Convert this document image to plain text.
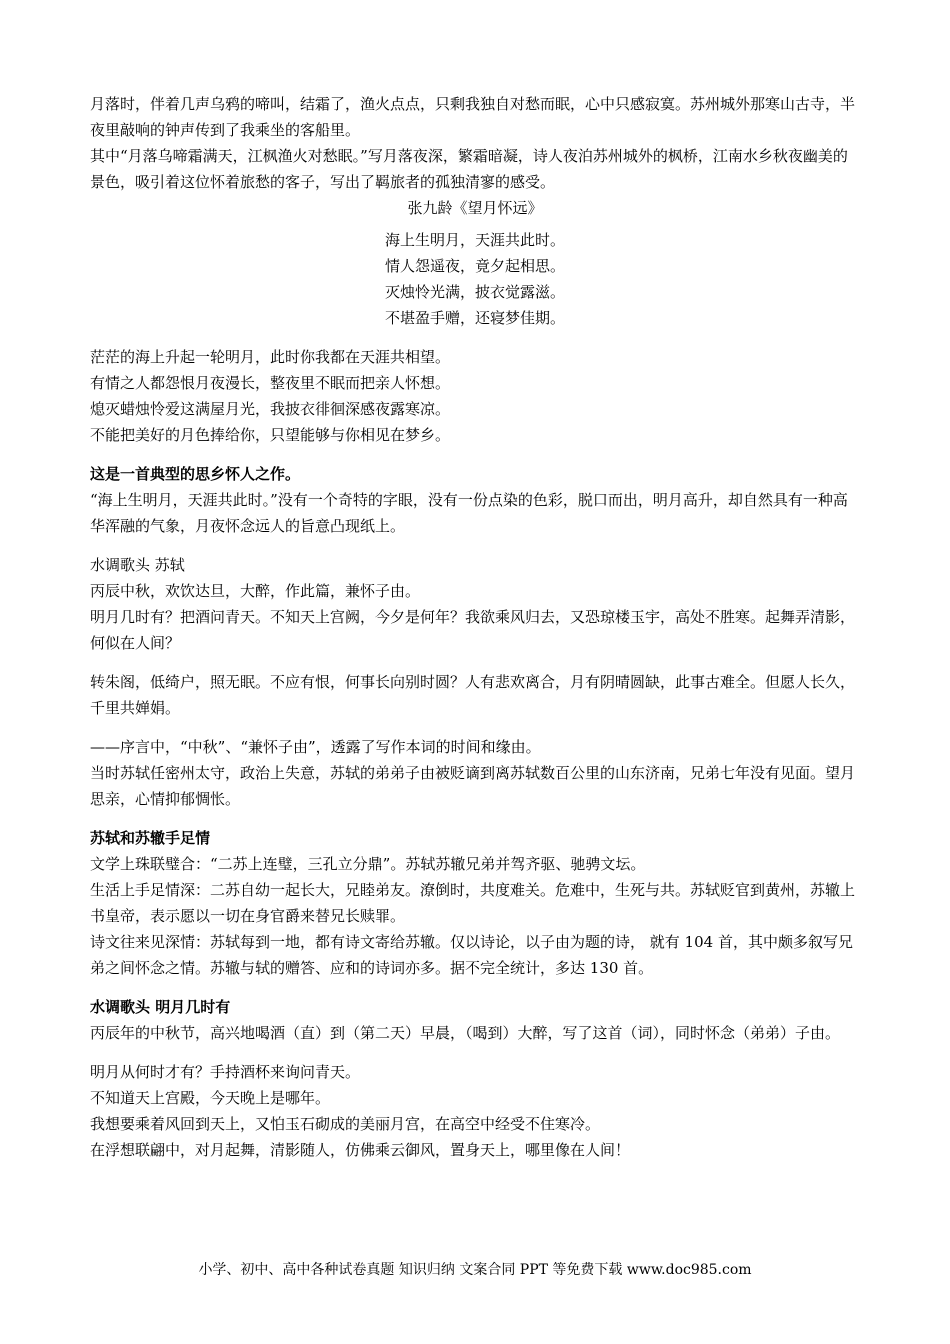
月落时，伴着几声乌鸦的啼叫，结霜了，渔火点点，只剩我独自对愁而眠，心中只感寂寞。苏州城外那寒山古寺，半夜里敲响的钟声传到了我乘坐的客船里。

其中“月落乌啼霜满天，江枫渔火对愁眠。”写月落夜深，繁霜暗凝，诗人夜泊苏州城外的枫桥，江南水乡秋夜幽美的景色，吸引着这位怀着旅愁的客子，写出了羁旅者的孤独清寥的感受。

张九龄《望月怀远》

海上生明月，天涯共此时。

情人怨遥夜，竟夕起相思。

灭烛怜光满，披衣觉露滋。

不堪盈手赠，还寝梦佳期。

茫茫的海上升起一轮明月，此时你我都在天涯共相望。

有情之人都怨恨月夜漫长，整夜里不眠而把亲人怀想。

熄灭蜡烛怜爱这满屋月光，我披衣徘徊深感夜露寒凉。

不能把美好的月色捧给你，只望能够与你相见在梦乡。

这是一首典型的思乡怀人之作。

“海上生明月，天涯共此时。”没有一个奇特的字眼，没有一份点染的色彩，脱口而出，明月高升，却自然具有一种高华浑融的气象，月夜怀念远人的旨意凸现纸上。

水调歌头 苏轼

丙辰中秋，欢饮达旦，大醉，作此篇，兼怀子由。

明月几时有？把酒问青天。不知天上宫阙，今夕是何年？我欲乘风归去，又恐琼楼玉宇，高处不胜寒。起舞弄清影，何似在人间？

转朱阁，低绮户，照无眠。不应有恨，何事长向别时圆？人有悲欢离合，月有阴晴圆缺，此事古难全。但愿人长久，千里共婵娟。

——序言中，“中秋”、“兼怀子由”，透露了写作本词的时间和缘由。

当时苏轼任密州太守，政治上失意，苏轼的弟弟子由被贬谪到离苏轼数百公里的山东济南，兄弟七年没有见面。望月思亲，心情抑郁惆怅。

苏轼和苏辙手足情

文学上珠联璧合：“二苏上连璧，三孔立分鼎”。苏轼苏辙兄弟并驾齐驱、驰骋文坛。

生活上手足情深：二苏自幼一起长大，兄睦弟友。潦倒时，共度难关。危难中，生死与共。苏轼贬官到黄州，苏辙上书皇帝，表示愿以一切在身官爵来替兄长赎罪。

诗文往来见深情：苏轼每到一地，都有诗文寄给苏辙。仅以诗论，以子由为题的诗， 就有 104 首，其中颇多叙写兄弟之间怀念之情。苏辙与轼的赠答、应和的诗词亦多。据不完全统计，多达 130 首。

水调歌头 明月几时有

丙辰年的中秋节，高兴地喝酒（直）到（第二天）早晨，（喝到）大醉，写了这首（词），同时怀念（弟弟）子由。

明月从何时才有？手持酒杯来询问青天。

不知道天上宫殿，今天晚上是哪年。

我想要乘着风回到天上，又怕玉石砌成的美丽月宫，在高空中经受不住寒冷。

在浮想联翩中，对月起舞，清影随人，仿佛乘云御风，置身天上，哪里像在人间！

小学、初中、高中各种试卷真题 知识归纳 文案合同 PPT 等免费下载 www.doc985.com
